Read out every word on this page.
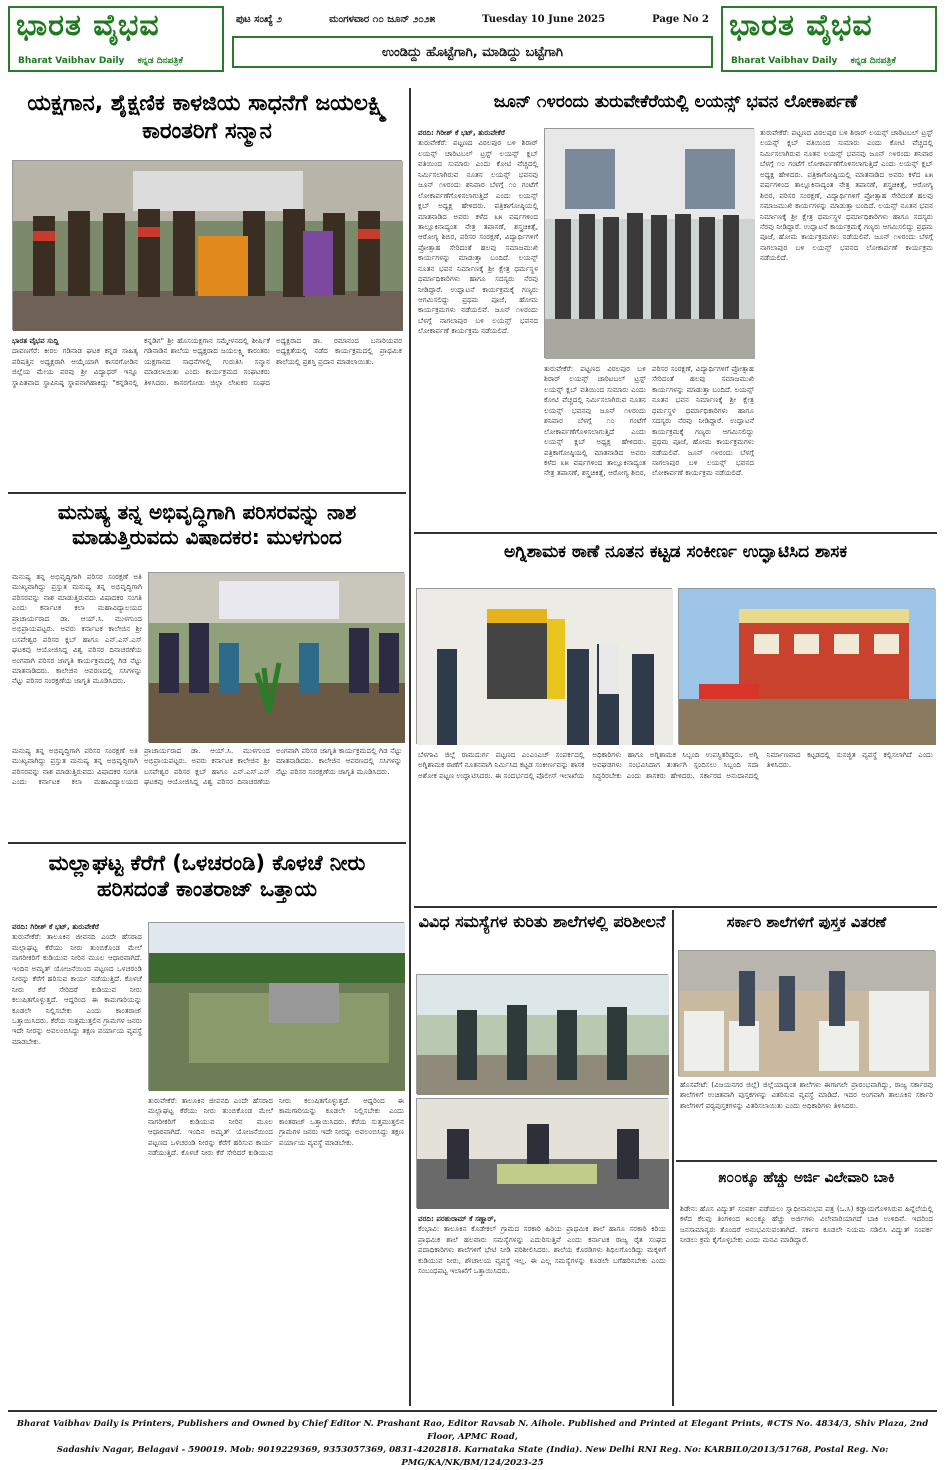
ಭಾರತ ವೈಭವ
Bharat Vaibhav Daily ಕನ್ನಡ ದಿನಪತ್ರಿಕೆ
ಪುಟ ಸಂಖ್ಯೆ ೨	ಮಂಗಳವಾರ ೧೦ ಜೂನ್ ೨೦೨೫	Tuesday 10 June 2025	Page No 2
ಉಂಡಿದ್ದು ಹೊಟ್ಟೆಗಾಗಿ, ಮಾಡಿದ್ದು ಬಟ್ಟೆಗಾಗಿ
ಭಾರತ ವೈಭವ
Bharat Vaibhav Daily ಕನ್ನಡ ದಿನಪತ್ರಿಕೆ
ಯಕ್ಷಗಾನ, ಶೈಕ್ಷಣಿಕ ಕಾಳಜಿಯ ಸಾಧನೆಗೆ ಜಯಲಕ್ಷ್ಮಿ ಕಾರಂತರಿಗೆ ಸನ್ಮಾನ
ಭಾರತ ವೈಭವ ಸುದ್ದಿ
ದಾವಣಗೆರೆ: ಕೀರಲ ಗಡಿನಾಡ ಘಟಕ ಕನ್ನಡ ಸಾಹಿತ್ಯ ಪರಿಷತ್ತಿನ ಅಧ್ಯಕ್ಷರಾಗಿ ಆಯ್ಕೆಯಾಗಿ ಕಾಸರಗೋಡಿನ ಜಿಲ್ಲೆಯ ಮೇಯ ಪರವು ಶ್ರೀ ವಿದ್ಯಾಧರ್ ಇನ್ನೂ ಸ್ಥಾಪಿತವಾದ ಸ್ಥಾಪಿನಿಷ್ಠ ಸ್ಥಾಪನಾಗಿಹಾಕಿದ್ದು "ಕನ್ನಡಿನಲ್ಲಿ ಕನ್ನಡಿಗ" ಶ್ರೀ ಹೊಸಯಕ್ಷಗಾನ ಸಮ್ಮೇಳನದಲ್ಲಿ ಶೀರ್ಷಿಕೆ ಗಡಿನಾಡಿನ ಶಾಲೆಯ ಅಧ್ಯಕ್ಷರಾದ ಜಯಲಕ್ಷ್ಮಿ ಕಾರಂತರು ಯಕ್ಷಗಾನದ ಸಾಧನೆಗಳಲ್ಲಿ ಗುರುತಿಸಿ ಸನ್ಮಾನ ಮಾಡಲಾಯಿತು ಎಂದು ಕಾರ್ಯಕ್ರಮದ ಸಂಘಟಕರು ತಿಳಿಸಿದರು. ಕಾಸರಗೋಡು ಜಿಲ್ಲಾ ಲೇಖಕರ ಸಂಘದ ಅಧ್ಯಕ್ಷರಾದ ಡಾ. ರಮಾನಂದ ಬನಾರಿಯವರ ಅಧ್ಯಕ್ಷತೆಯಲ್ಲಿ ನಡೆದ ಕಾರ್ಯಕ್ರಮದಲ್ಲಿ ಪ್ರಾಥಮಿಕ ಶಾಲೆಯಲ್ಲಿ ಪ್ರಶಸ್ತಿ ಪ್ರದಾನ ಮಾಡಲಾಯಿತು.
ಮನುಷ್ಯ ತನ್ನ ಅಭಿವೃದ್ಧಿಗಾಗಿ ಪರಿಸರವನ್ನು ನಾಶ ಮಾಡುತ್ತಿರುವದು ವಿಷಾದಕರ: ಮುಳಗುಂದ
ಮನುಷ್ಯ ತನ್ನ ಅಭಿವೃದ್ಧಿಗಾಗಿ ಪರಿಸರ ಸಂರಕ್ಷಣೆ ಅತಿ ಮುಖ್ಯವಾಗಿದ್ದು ಪ್ರಸ್ತುತ ಮನುಷ್ಯ ತನ್ನ ಅಭಿವೃದ್ಧಿಗಾಗಿ ಪರಿಸರವನ್ನು ನಾಶ ಮಾಡುತ್ತಿರುವದು ವಿಷಾದಕರ ಸಂಗತಿ ಎಂದು ಕರ್ನಾಟಕ ಕಲಾ ಮಹಾವಿದ್ಯಾಲಯದ ಪ್ರಾಚಾರ್ಯರಾದ ಡಾ. ಆಯ್.ಸಿ. ಮುಳಗುಂದ ಅಭಿಪ್ರಾಯಪಟ್ಟರು. ಅವರು ಕರ್ನಾಟಕ ಕಾಲೇಜಿನ ಶ್ರೀ ಬಸವೇಶ್ವರ ಪರಿಸರ ಕ್ಲಬ್ ಹಾಗೂ ಎನ್.ಎಸ್.ಎಸ್ ಘಟಕವು ಆಯೋಜಿಸಿದ್ದ ವಿಶ್ವ ಪರಿಸರ ದಿನಾಚರಣೆಯ ಅಂಗವಾಗಿ ಪರಿಸರ ಜಾಗೃತಿ ಕಾರ್ಯಕ್ರಮದಲ್ಲಿ ಗಿಡ ನೆಟ್ಟು ಮಾತನಾಡಿದರು. ಕಾಲೇಜಿನ ಆವರಣದಲ್ಲಿ ಸಸಿಗಳನ್ನು ನೆಟ್ಟು ಪರಿಸರ ಸಂರಕ್ಷಣೆಯ ಜಾಗೃತಿ ಮೂಡಿಸಿದರು.
ಮನುಷ್ಯ ತನ್ನ ಅಭಿವೃದ್ಧಿಗಾಗಿ ಪರಿಸರ ಸಂರಕ್ಷಣೆ ಅತಿ ಮುಖ್ಯವಾಗಿದ್ದು ಪ್ರಸ್ತುತ ಮನುಷ್ಯ ತನ್ನ ಅಭಿವೃದ್ಧಿಗಾಗಿ ಪರಿಸರವನ್ನು ನಾಶ ಮಾಡುತ್ತಿರುವದು ವಿಷಾದಕರ ಸಂಗತಿ ಎಂದು ಕರ್ನಾಟಕ ಕಲಾ ಮಹಾವಿದ್ಯಾಲಯದ ಪ್ರಾಚಾರ್ಯರಾದ ಡಾ. ಆಯ್.ಸಿ. ಮುಳಗುಂದ ಅಭಿಪ್ರಾಯಪಟ್ಟರು. ಅವರು ಕರ್ನಾಟಕ ಕಾಲೇಜಿನ ಶ್ರೀ ಬಸವೇಶ್ವರ ಪರಿಸರ ಕ್ಲಬ್ ಹಾಗೂ ಎನ್.ಎಸ್.ಎಸ್ ಘಟಕವು ಆಯೋಜಿಸಿದ್ದ ವಿಶ್ವ ಪರಿಸರ ದಿನಾಚರಣೆಯ ಅಂಗವಾಗಿ ಪರಿಸರ ಜಾಗೃತಿ ಕಾರ್ಯಕ್ರಮದಲ್ಲಿ ಗಿಡ ನೆಟ್ಟು ಮಾತನಾಡಿದರು. ಕಾಲೇಜಿನ ಆವರಣದಲ್ಲಿ ಸಸಿಗಳನ್ನು ನೆಟ್ಟು ಪರಿಸರ ಸಂರಕ್ಷಣೆಯ ಜಾಗೃತಿ ಮೂಡಿಸಿದರು.
ಮಲ್ಲಾಘಟ್ಟ ಕೆರೆಗೆ (ಒಳಚರಂಡಿ) ಕೊಳಚೆ ನೀರು ಹರಿಸದಂತೆ ಕಾಂತರಾಜ್ ಒತ್ತಾಯ
ವರದಿ: ಗಿರೀಶ್ ಕೆ ಭಟ್, ತುರುವೇಕೆರೆ
ತುರುವೇಕೆರೆ: ತಾಲೂಕಿನ ಜೀವನದಿ ಎಂದೇ ಹೆಸರಾದ ಮಲ್ಲಾಘಟ್ಟ ಕೆರೆಯು ನೀರು ತುಂಬಿಕೊಂಡ ಮೇಲೆ ನಾಗರೀಕರಿಗೆ ಕುಡಿಯುವ ನೀರಿನ ಮೂಲ ಆಧಾರವಾಗಿದೆ. ಇಂದಿನ ಅಮೃತ್ ಯೋಜನೆಯಿಂದ ಪಟ್ಟಣದ ಒಳಚರಂಡಿ ನೀರನ್ನು ಕೆರೆಗೆ ಹರಿಸುವ ಕಾರ್ಯ ನಡೆಯುತ್ತಿದೆ. ಕೊಳಚೆ ನೀರು ಕೆರೆ ಸೇರಿದರೆ ಕುಡಿಯುವ ನೀರು ಕಲುಷಿತಗೊಳ್ಳುತ್ತದೆ. ಆದ್ದರಿಂದ ಈ ಕಾಮಗಾರಿಯನ್ನು ಕೂಡಲೇ ನಿಲ್ಲಿಸಬೇಕು ಎಂದು ಕಾಂತರಾಜ್ ಒತ್ತಾಯಿಸಿದರು. ಕೆರೆಯ ಸುತ್ತಮುತ್ತಲಿನ ಗ್ರಾಮಗಳ ಜನರು ಇದೇ ನೀರನ್ನು ಅವಲಂಬಿಸಿದ್ದು ತಕ್ಷಣ ಪರ್ಯಾಯ ವ್ಯವಸ್ಥೆ ಮಾಡಬೇಕು.
ತುರುವೇಕೆರೆ: ತಾಲೂಕಿನ ಜೀವನದಿ ಎಂದೇ ಹೆಸರಾದ ಮಲ್ಲಾಘಟ್ಟ ಕೆರೆಯು ನೀರು ತುಂಬಿಕೊಂಡ ಮೇಲೆ ನಾಗರೀಕರಿಗೆ ಕುಡಿಯುವ ನೀರಿನ ಮೂಲ ಆಧಾರವಾಗಿದೆ. ಇಂದಿನ ಅಮೃತ್ ಯೋಜನೆಯಿಂದ ಪಟ್ಟಣದ ಒಳಚರಂಡಿ ನೀರನ್ನು ಕೆರೆಗೆ ಹರಿಸುವ ಕಾರ್ಯ ನಡೆಯುತ್ತಿದೆ. ಕೊಳಚೆ ನೀರು ಕೆರೆ ಸೇರಿದರೆ ಕುಡಿಯುವ ನೀರು ಕಲುಷಿತಗೊಳ್ಳುತ್ತದೆ. ಆದ್ದರಿಂದ ಈ ಕಾಮಗಾರಿಯನ್ನು ಕೂಡಲೇ ನಿಲ್ಲಿಸಬೇಕು ಎಂದು ಕಾಂತರಾಜ್ ಒತ್ತಾಯಿಸಿದರು. ಕೆರೆಯ ಸುತ್ತಮುತ್ತಲಿನ ಗ್ರಾಮಗಳ ಜನರು ಇದೇ ನೀರನ್ನು ಅವಲಂಬಿಸಿದ್ದು ತಕ್ಷಣ ಪರ್ಯಾಯ ವ್ಯವಸ್ಥೆ ಮಾಡಬೇಕು.
ಜೂನ್ ೧೪ರಂದು ತುರುವೇಕೆರೆಯಲ್ಲಿ ಲಯನ್ಸ್ ಭವನ ಲೋಕಾರ್ಪಣೆ
ವರದಿ: ಗಿರೀಶ್ ಕೆ ಭಟ್, ತುರುವೇಕೆರೆ
ತುರುವೇಕೆರೆ: ಪಟ್ಟಣದ ವಿಠಲಪುರ ಬಳಿ ಶಿರಾರ್ ಲಯನ್ಸ್ ಚಾರಿಟಬಲ್ ಟ್ರಸ್ಟ್ ಲಯನ್ಸ್ ಕ್ಲಬ್ ವತಿಯಿಂದ ಸುಮಾರು ಎಂದು ಕೋಟಿ ವೆಚ್ಚದಲ್ಲಿ ನಿರ್ಮಿಸಲಾಗಿರುವ ನೂತನ ಲಯನ್ಸ್ ಭವನವು ಜೂನ್ ೧೪ರಂದು ಶನಿವಾರ ಬೆಳಗ್ಗೆ ೧೦ ಗಂಟೆಗೆ ಲೋಕಾರ್ಪಣೆಗೊಳಿಸಲಾಗುತ್ತಿದೆ ಎಂದು ಲಯನ್ಸ್ ಕ್ಲಬ್ ಅಧ್ಯಕ್ಷ ಹೇಳಿದರು. ಪತ್ರಿಕಾಗೋಷ್ಠಿಯಲ್ಲಿ ಮಾತನಾಡಿದ ಅವರು ಕಳೆದ ೩೫ ವರ್ಷಗಳಿಂದ ತಾಲ್ಲೂಕಿನಾದ್ಯಂತ ನೇತ್ರ ತಪಾಸಣೆ, ಶಸ್ತ್ರಚಿಕಿತ್ಸೆ, ಆರೋಗ್ಯ ಶಿಬಿರ, ಪರಿಸರ ಸಂರಕ್ಷಣೆ, ವಿದ್ಯಾರ್ಥಿಗಳಿಗೆ ಪ್ರೋತ್ಸಾಹ ಸೇರಿದಂತೆ ಹಲವು ಸಮಾಜಮುಖಿ ಕಾರ್ಯಗಳನ್ನು ಮಾಡುತ್ತಾ ಬಂದಿದೆ. ಲಯನ್ಸ್ ನೂತನ ಭವನ ನಿರ್ಮಾಣಕ್ಕೆ ಶ್ರೀ ಕ್ಷೇತ್ರ ಧರ್ಮಸ್ಥಳ ಧರ್ಮಾಧಿಕಾರಿಗಳು ಹಾಗೂ ಸದಸ್ಯರು ನೆರವು ನೀಡಿದ್ದಾರೆ. ಉದ್ಘಾಟನೆ ಕಾರ್ಯಕ್ರಮಕ್ಕೆ ಗಣ್ಯರು ಆಗಮಿಸಲಿದ್ದು ಪ್ರಥಮ ಪೂಜೆ, ಹೋಮ ಕಾರ್ಯಕ್ರಮಗಳು ನಡೆಯಲಿವೆ. ಜೂನ್ ೧೪ರಂದು ಬೆಳಗ್ಗೆ ನಾಗಲಾಪುರ ಬಳಿ ಲಯನ್ಸ್ ಭವನದ ಲೋಕಾರ್ಪಣೆ ಕಾರ್ಯಕ್ರಮ ನಡೆಯಲಿದೆ.
ತುರುವೇಕೆರೆ: ಪಟ್ಟಣದ ವಿಠಲಪುರ ಬಳಿ ಶಿರಾರ್ ಲಯನ್ಸ್ ಚಾರಿಟಬಲ್ ಟ್ರಸ್ಟ್ ಲಯನ್ಸ್ ಕ್ಲಬ್ ವತಿಯಿಂದ ಸುಮಾರು ಎಂದು ಕೋಟಿ ವೆಚ್ಚದಲ್ಲಿ ನಿರ್ಮಿಸಲಾಗಿರುವ ನೂತನ ಲಯನ್ಸ್ ಭವನವು ಜೂನ್ ೧೪ರಂದು ಶನಿವಾರ ಬೆಳಗ್ಗೆ ೧೦ ಗಂಟೆಗೆ ಲೋಕಾರ್ಪಣೆಗೊಳಿಸಲಾಗುತ್ತಿದೆ ಎಂದು ಲಯನ್ಸ್ ಕ್ಲಬ್ ಅಧ್ಯಕ್ಷ ಹೇಳಿದರು. ಪತ್ರಿಕಾಗೋಷ್ಠಿಯಲ್ಲಿ ಮಾತನಾಡಿದ ಅವರು ಕಳೆದ ೩೫ ವರ್ಷಗಳಿಂದ ತಾಲ್ಲೂಕಿನಾದ್ಯಂತ ನೇತ್ರ ತಪಾಸಣೆ, ಶಸ್ತ್ರಚಿಕಿತ್ಸೆ, ಆರೋಗ್ಯ ಶಿಬಿರ, ಪರಿಸರ ಸಂರಕ್ಷಣೆ, ವಿದ್ಯಾರ್ಥಿಗಳಿಗೆ ಪ್ರೋತ್ಸಾಹ ಸೇರಿದಂತೆ ಹಲವು ಸಮಾಜಮುಖಿ ಕಾರ್ಯಗಳನ್ನು ಮಾಡುತ್ತಾ ಬಂದಿದೆ. ಲಯನ್ಸ್ ನೂತನ ಭವನ ನಿರ್ಮಾಣಕ್ಕೆ ಶ್ರೀ ಕ್ಷೇತ್ರ ಧರ್ಮಸ್ಥಳ ಧರ್ಮಾಧಿಕಾರಿಗಳು ಹಾಗೂ ಸದಸ್ಯರು ನೆರವು ನೀಡಿದ್ದಾರೆ. ಉದ್ಘಾಟನೆ ಕಾರ್ಯಕ್ರಮಕ್ಕೆ ಗಣ್ಯರು ಆಗಮಿಸಲಿದ್ದು ಪ್ರಥಮ ಪೂಜೆ, ಹೋಮ ಕಾರ್ಯಕ್ರಮಗಳು ನಡೆಯಲಿವೆ. ಜೂನ್ ೧೪ರಂದು ಬೆಳಗ್ಗೆ ನಾಗಲಾಪುರ ಬಳಿ ಲಯನ್ಸ್ ಭವನದ ಲೋಕಾರ್ಪಣೆ ಕಾರ್ಯಕ್ರಮ ನಡೆಯಲಿದೆ.
ತುರುವೇಕೆರೆ: ಪಟ್ಟಣದ ವಿಠಲಪುರ ಬಳಿ ಶಿರಾರ್ ಲಯನ್ಸ್ ಚಾರಿಟಬಲ್ ಟ್ರಸ್ಟ್ ಲಯನ್ಸ್ ಕ್ಲಬ್ ವತಿಯಿಂದ ಸುಮಾರು ಎಂದು ಕೋಟಿ ವೆಚ್ಚದಲ್ಲಿ ನಿರ್ಮಿಸಲಾಗಿರುವ ನೂತನ ಲಯನ್ಸ್ ಭವನವು ಜೂನ್ ೧೪ರಂದು ಶನಿವಾರ ಬೆಳಗ್ಗೆ ೧೦ ಗಂಟೆಗೆ ಲೋಕಾರ್ಪಣೆಗೊಳಿಸಲಾಗುತ್ತಿದೆ ಎಂದು ಲಯನ್ಸ್ ಕ್ಲಬ್ ಅಧ್ಯಕ್ಷ ಹೇಳಿದರು. ಪತ್ರಿಕಾಗೋಷ್ಠಿಯಲ್ಲಿ ಮಾತನಾಡಿದ ಅವರು ಕಳೆದ ೩೫ ವರ್ಷಗಳಿಂದ ತಾಲ್ಲೂಕಿನಾದ್ಯಂತ ನೇತ್ರ ತಪಾಸಣೆ, ಶಸ್ತ್ರಚಿಕಿತ್ಸೆ, ಆರೋಗ್ಯ ಶಿಬಿರ, ಪರಿಸರ ಸಂರಕ್ಷಣೆ, ವಿದ್ಯಾರ್ಥಿಗಳಿಗೆ ಪ್ರೋತ್ಸಾಹ ಸೇರಿದಂತೆ ಹಲವು ಸಮಾಜಮುಖಿ ಕಾರ್ಯಗಳನ್ನು ಮಾಡುತ್ತಾ ಬಂದಿದೆ. ಲಯನ್ಸ್ ನೂತನ ಭವನ ನಿರ್ಮಾಣಕ್ಕೆ ಶ್ರೀ ಕ್ಷೇತ್ರ ಧರ್ಮಸ್ಥಳ ಧರ್ಮಾಧಿಕಾರಿಗಳು ಹಾಗೂ ಸದಸ್ಯರು ನೆರವು ನೀಡಿದ್ದಾರೆ. ಉದ್ಘಾಟನೆ ಕಾರ್ಯಕ್ರಮಕ್ಕೆ ಗಣ್ಯರು ಆಗಮಿಸಲಿದ್ದು ಪ್ರಥಮ ಪೂಜೆ, ಹೋಮ ಕಾರ್ಯಕ್ರಮಗಳು ನಡೆಯಲಿವೆ. ಜೂನ್ ೧೪ರಂದು ಬೆಳಗ್ಗೆ ನಾಗಲಾಪುರ ಬಳಿ ಲಯನ್ಸ್ ಭವನದ ಲೋಕಾರ್ಪಣೆ ಕಾರ್ಯಕ್ರಮ ನಡೆಯಲಿದೆ.
ಅಗ್ನಿಶಾಮಕ ಠಾಣೆ ನೂತನ ಕಟ್ಟಡ ಸಂಕೀರ್ಣ ಉದ್ಘಾಟಿಸಿದ ಶಾಸಕ
ಬೆಳಗಾವಿ ಜಿಲ್ಲೆ ರಾಮದುರ್ಗ ಪಟ್ಟಣದ ಎಂಎಂಎಚ್ ಸಂಪರ್ಕದಲ್ಲಿ ಅಗ್ನಿಶಾಮಕ ಠಾಣೆಗೆ ನೂತನವಾಗಿ ನಿರ್ಮಿಸಿದ ಕಟ್ಟಡ ಸಂಕೀರ್ಣವನ್ನು ಶಾಸಕ ಅಶೋಕ ಪಟ್ಟಣ ಉದ್ಘಾಟಿಸಿದರು. ಈ ಸಂದರ್ಭದಲ್ಲಿ ಪೊಲೀಸ್ ಇಲಾಖೆಯ ಅಧಿಕಾರಿಗಳು ಹಾಗೂ ಅಗ್ನಿಶಾಮಕ ಸಿಬ್ಬಂದಿ ಉಪಸ್ಥಿತರಿದ್ದರು. ಅಗ್ನಿ ಅವಘಡಗಳು ಸಂಭವಿಸಿದಾಗ ತುರ್ತಾಗಿ ಸ್ಪಂದಿಸಲು ಸಿಬ್ಬಂದಿ ಸದಾ ಸಿದ್ಧರಿರಬೇಕು ಎಂದು ಶಾಸಕರು ಹೇಳಿದರು. ಸರ್ಕಾರದ ಅನುದಾನದಲ್ಲಿ ನಿರ್ಮಾಣವಾದ ಕಟ್ಟಡದಲ್ಲಿ ಸುಸಜ್ಜಿತ ವ್ಯವಸ್ಥೆ ಕಲ್ಪಿಸಲಾಗಿದೆ ಎಂದು ತಿಳಿಸಿದರು.
ವಿವಿಧ ಸಮಸ್ಯೆಗಳ ಕುರಿತು ಶಾಲೆಗಳಲ್ಲಿ ಪರಿಶೀಲನೆ
ವರದಿ: ಪರಶುರಾಮ್ ಕೆ ಸಣ್ಣಾರ್,
ಕೆಂಭಾವಿ: ತಾಲೂಕಿನ ಕೊಡೇಕಲ್ ಗ್ರಾಮದ ಸರಕಾರಿ ಹಿರಿಯ ಪ್ರಾಥಮಿಕ ಶಾಲೆ ಹಾಗೂ ಸರಕಾರಿ ಕಿರಿಯ ಪ್ರಾಥಮಿಕ ಶಾಲೆ ಹಲವಾರು ಸಮಸ್ಯೆಗಳನ್ನು ಎದುರಿಸುತ್ತಿವೆ ಎಂದು ಕರ್ನಾಟಕ ರಾಜ್ಯ ರೈತ ಸಂಘದ ಪದಾಧಿಕಾರಿಗಳು ಶಾಲೆಗಳಿಗೆ ಭೇಟಿ ನೀಡಿ ಪರಿಶೀಲಿಸಿದರು. ಶಾಲೆಯ ಕೊಠಡಿಗಳು ಶಿಥಿಲಗೊಂಡಿದ್ದು ಮಕ್ಕಳಿಗೆ ಕುಡಿಯುವ ನೀರು, ಶೌಚಾಲಯ ವ್ಯವಸ್ಥೆ ಇಲ್ಲ. ಈ ಎಲ್ಲ ಸಮಸ್ಯೆಗಳನ್ನು ಕೂಡಲೇ ಬಗೆಹರಿಸಬೇಕು ಎಂದು ಸಂಬಂಧಪಟ್ಟ ಇಲಾಖೆಗೆ ಒತ್ತಾಯಿಸಿದರು.
ಸರ್ಕಾರಿ ಶಾಲೆಗಳಿಗೆ ಪುಸ್ತಕ ವಿತರಣೆ
ಹೊಸಪೇಟೆ: (ವಿಜಯನಗರ ಜಿಲ್ಲೆ) ಜಿಲ್ಲೆಯಾದ್ಯಂತ ಶಾಲೆಗಳು ಈಗಾಗಲೇ ಪ್ರಾರಂಭವಾಗಿದ್ದು, ರಾಜ್ಯ ಸರ್ಕಾರವು ಶಾಲೆಗಳಿಗೆ ಉಚಿತವಾಗಿ ಪುಸ್ತಕಗಳನ್ನು ವಿತರಿಸುವ ವ್ಯವಸ್ಥೆ ಮಾಡಿದೆ. ಇದರ ಅಂಗವಾಗಿ ತಾಲೂಕಿನ ಸರ್ಕಾರಿ ಶಾಲೆಗಳಿಗೆ ಪಠ್ಯಪುಸ್ತಕಗಳನ್ನು ವಿತರಿಸಲಾಯಿತು ಎಂದು ಅಧಿಕಾರಿಗಳು ತಿಳಿಸಿದರು.
೫೦೦ಕ್ಕೂ ಹೆಚ್ಚು ಅರ್ಜಿ ವಿಲೇವಾರಿ ಬಾಕಿ
ಶಿಡೇನ: ಹೊಸ ವಿದ್ಯುತ್ ಸಂಪರ್ಕ ಪಡೆಯಲು ಸ್ವಾಧೀನಾನುಭವ ಪತ್ರ (ಒ.ಸಿ) ಕಡ್ಡಾಯಗೊಳಿಸಿರುವ ಹಿನ್ನೆಲೆಯಲ್ಲಿ ಕಳೆದ ಕೆಲವು ತಿಂಗಳಿಂದ ೫೦೦ಕ್ಕೂ ಹೆಚ್ಚು ಅರ್ಜಿಗಳು ವಿಲೇವಾರಿಯಾಗದೆ ಬಾಕಿ ಉಳಿದಿವೆ. ಇದರಿಂದ ಜನಸಾಮಾನ್ಯರು ತೊಂದರೆ ಅನುಭವಿಸುವಂತಾಗಿದೆ. ಸರ್ಕಾರ ಕೂಡಲೇ ನಿಯಮ ಸಡಿಲಿಸಿ ವಿದ್ಯುತ್ ಸಂಪರ್ಕ ನೀಡಲು ಕ್ರಮ ಕೈಗೊಳ್ಳಬೇಕು ಎಂದು ಮನವಿ ಮಾಡಿದ್ದಾರೆ.
Bharat Vaibhav Daily is Printers, Publishers and Owned by Chief Editor N. Prashant Rao, Editor Ravsab N. Aihole. Published and Printed at Elegant Prints, #CTS No. 4834/3, Shiv Plaza, 2nd Floor, APMC Road,
Sadashiv Nagar, Belagavi - 590019. Mob: 9019229369, 9353057369, 0831-4202818. Karnataka State (India). New Delhi RNI Reg. No: KARBIL0/2013/51768, Postal Reg. No: PMG/KA/NK/BM/124/2023-25
